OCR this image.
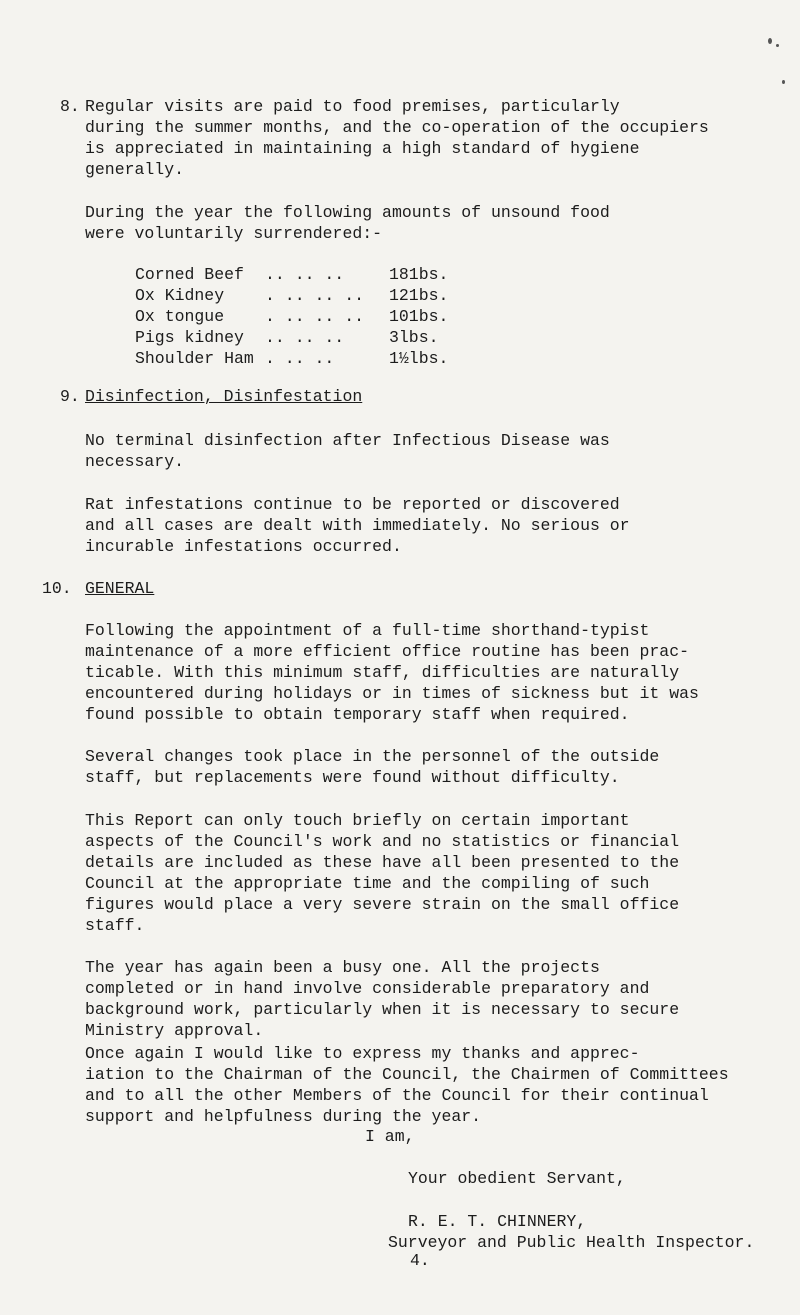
8. Regular visits are paid to food premises, particularly
during the summer months, and the co-operation of the occupiers
is appreciated in maintaining a high standard of hygiene
generally.
During the year the following amounts of unsound food
were voluntarily surrendered:-
Corned Beef	.. .. ..	181bs.
Ox Kidney	. .. .. ..	121bs.
Ox tongue	. .. .. ..	101bs.
Pigs kidney	.. .. ..	3lbs.
Shoulder Ham	. .. ..	1½lbs.
9. Disinfection, Disinfestation
No terminal disinfection after Infectious Disease was
necessary.
Rat infestations continue to be reported or discovered
and all cases are dealt with immediately. No serious or
incurable infestations occurred.
10. GENERAL
Following the appointment of a full-time shorthand-typist
maintenance of a more efficient office routine has been prac-
ticable. With this minimum staff, difficulties are naturally
encountered during holidays or in times of sickness but it was
found possible to obtain temporary staff when required.
Several changes took place in the personnel of the outside
staff, but replacements were found without difficulty.
This Report can only touch briefly on certain important
aspects of the Council's work and no statistics or financial
details are included as these have all been presented to the
Council at the appropriate time and the compiling of such
figures would place a very severe strain on the small office
staff.
The year has again been a busy one. All the projects
completed or in hand involve considerable preparatory and
background work, particularly when it is necessary to secure
Ministry approval.
Once again I would like to express my thanks and apprec-
iation to the Chairman of the Council, the Chairmen of Committees
and to all the other Members of the Council for their continual
support and helpfulness during the year.
I am,
Your obedient Servant,
R. E. T. CHINNERY,
Surveyor and Public Health Inspector.
4.
